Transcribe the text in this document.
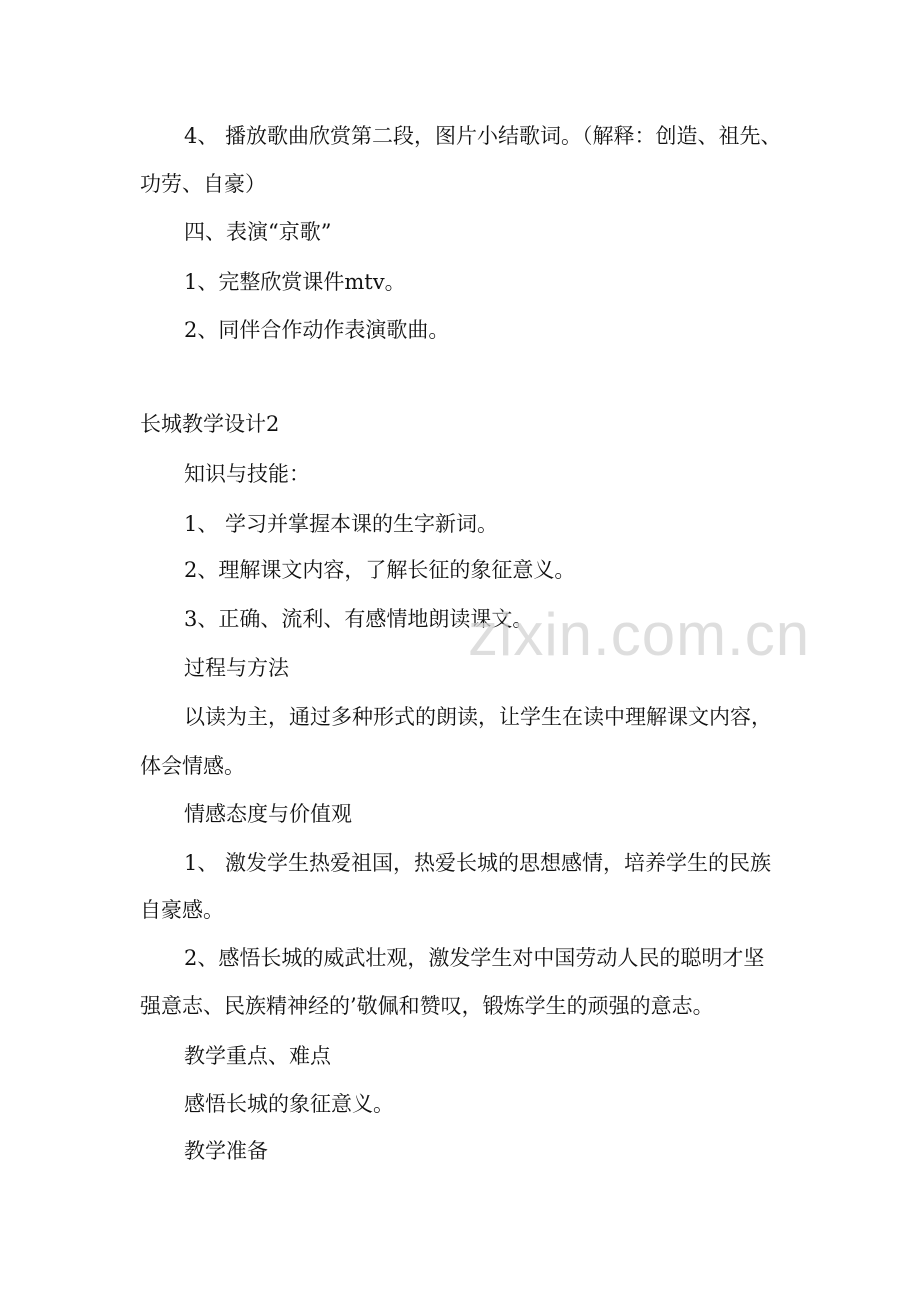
4、 播放歌曲欣赏第二段，图片小结歌词。（解释：创造、祖先、
功劳、自豪）
四、表演“京歌”
1、完整欣赏课件mtv。
2、同伴合作动作表演歌曲。
长城教学设计2
知识与技能：
1、 学习并掌握本课的生字新词。
2、理解课文内容，了解长征的象征意义。
3、正确、流利、有感情地朗读课文。
过程与方法
以读为主，通过多种形式的朗读，让学生在读中理解课文内容，
体会情感。
情感态度与价值观
1、 激发学生热爱祖国，热爱长城的思想感情，培养学生的民族
自豪感。
2、感悟长城的威武壮观，激发学生对中国劳动人民的聪明才坚
强意志、民族精神经的’敬佩和赞叹，锻炼学生的顽强的意志。
教学重点、难点
感悟长城的象征意义。
教学准备
zixin.com.cn
